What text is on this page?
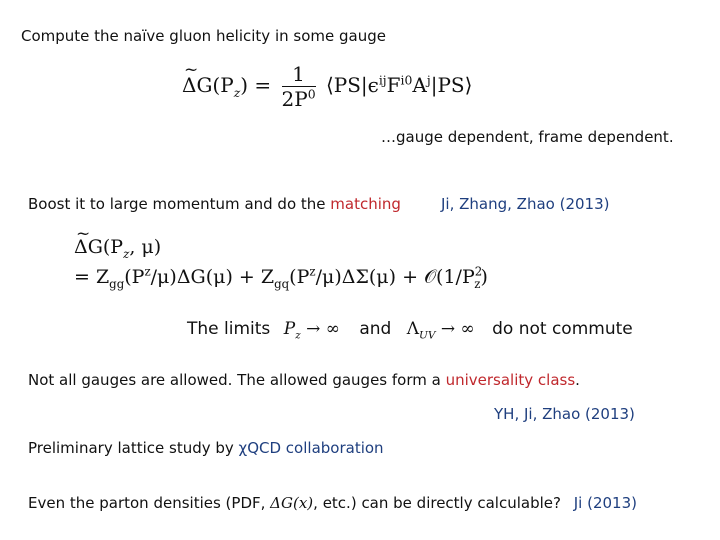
Compute the naïve gluon helicity in some gauge
~ $\Delta G(P_z) = \frac{1}{2P^0}$ $⟨PS|\epsilon^{ij}F^{i0}A^j|PS⟩$
…gauge dependent, frame dependent.
Boost it to large momentum and do the matching	Ji, Zhang, Zhao (2013)
~ $\Delta G(P_z$, μ)
= $Z_{gg}(P^z/\mu)\Delta G(\mu) + Z_{gq}(P^z/\mu)\Delta\Sigma(\mu)$ + $𝒪(1/P^2_z)$
The limits $P_z$ → ∞ and $\Lambda_{UV}$ → ∞ do not commute
Not all gauges are allowed. The allowed gauges form a universality class.
YH, Ji, Zhao (2013)
Preliminary lattice study by χQCD collaboration
Even the parton densities (PDF, ΔG(x), etc.) can be directly calculable? Ji (2013)
